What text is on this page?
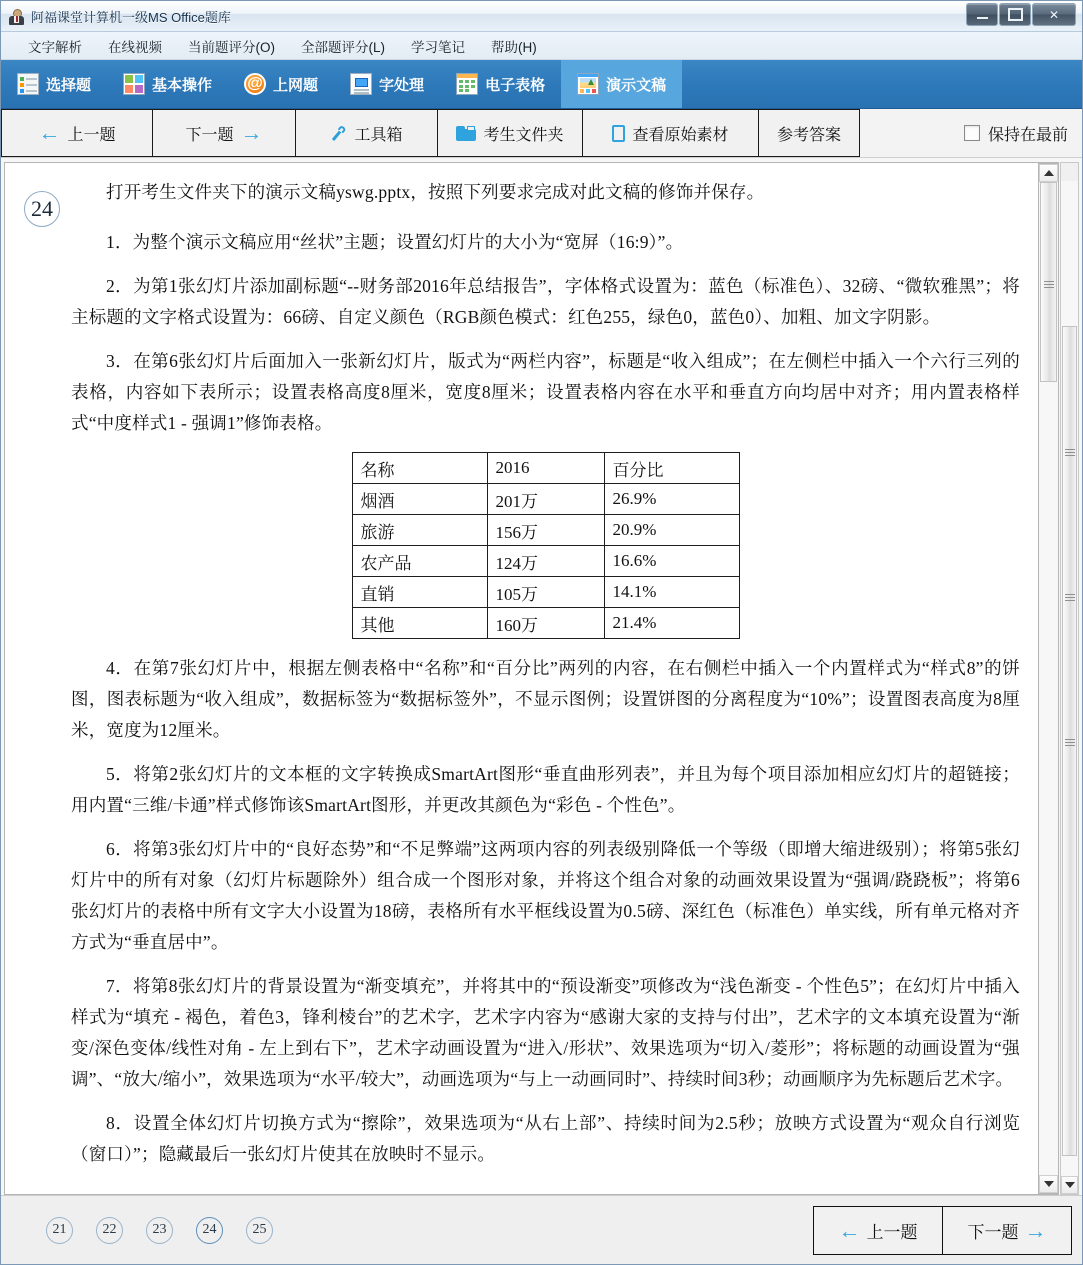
阿福课堂计算机一级MS Office题库	✕
文字解析	在线视频	当前题评分(O)	全部题评分(L)	学习笔记	帮助(H)
选择题	基本操作 @ 上网题	字处理	电子表格	演示文稿
← 上一题	下一题 →	工具箱	考生文件夹	查看原始素材	参考答案	保持在最前
24

打开考生文件夹下的演示文稿yswg.pptx，按照下列要求完成对此文稿的修饰并保存。

1．为整个演示文稿应用“丝状”主题；设置幻灯片的大小为“宽屏（16:9）”。

2．为第1张幻灯片添加副标题“--财务部2016年总结报告”，字体格式设置为：蓝色（标准色）、32磅、“微软雅黑”；将主标题的文字格式设置为：66磅、自定义颜色（RGB颜色模式：红色255，绿色0，蓝色0）、加粗、加文字阴影。

3．在第6张幻灯片后面加入一张新幻灯片，版式为“两栏内容”，标题是“收入组成”；在左侧栏中插入一个六行三列的表格，内容如下表所示；设置表格高度8厘米，宽度8厘米；设置表格内容在水平和垂直方向均居中对齐；用内置表格样式“中度样式1 - 强调1”修饰表格。

名称	2016	百分比
烟酒	201万	26.9%
旅游	156万	20.9%
农产品	124万	16.6%
直销	105万	14.1%
其他	160万	21.4%

4．在第7张幻灯片中，根据左侧表格中“名称”和“百分比”两列的内容，在右侧栏中插入一个内置样式为“样式8”的饼图，图表标题为“收入组成”，数据标签为“数据标签外”，不显示图例；设置饼图的分离程度为“10%”；设置图表高度为8厘米，宽度为12厘米。

5．将第2张幻灯片的文本框的文字转换成SmartArt图形“垂直曲形列表”，并且为每个项目添加相应幻灯片的超链接；用内置“三维/卡通”样式修饰该SmartArt图形，并更改其颜色为“彩色 - 个性色”。

6．将第3张幻灯片中的“良好态势”和“不足弊端”这两项内容的列表级别降低一个等级（即增大缩进级别）；将第5张幻灯片中的所有对象（幻灯片标题除外）组合成一个图形对象，并将这个组合对象的动画效果设置为“强调/跷跷板”；将第6张幻灯片的表格中所有文字大小设置为18磅，表格所有水平框线设置为0.5磅、深红色（标准色）单实线，所有单元格对齐方式为“垂直居中”。

7．将第8张幻灯片的背景设置为“渐变填充”，并将其中的“预设渐变”项修改为“浅色渐变 - 个性色5”；在幻灯片中插入样式为“填充 - 褐色，着色3，锋利棱台”的艺术字，艺术字内容为“感谢大家的支持与付出”，艺术字的文本填充设置为“渐变/深色变体/线性对角 - 左上到右下”，艺术字动画设置为“进入/形状”、效果选项为“切入/菱形”；将标题的动画设置为“强调”、“放大/缩小”，效果选项为“水平/较大”，动画选项为“与上一动画同时”、持续时间3秒；动画顺序为先标题后艺术字。

8．设置全体幻灯片切换方式为“擦除”，效果选项为“从右上部”、持续时间为2.5秒；放映方式设置为“观众自行浏览（窗口）”；隐藏最后一张幻灯片使其在放映时不显示。

21	22	23	24	25	← 上一题	下一题 →
